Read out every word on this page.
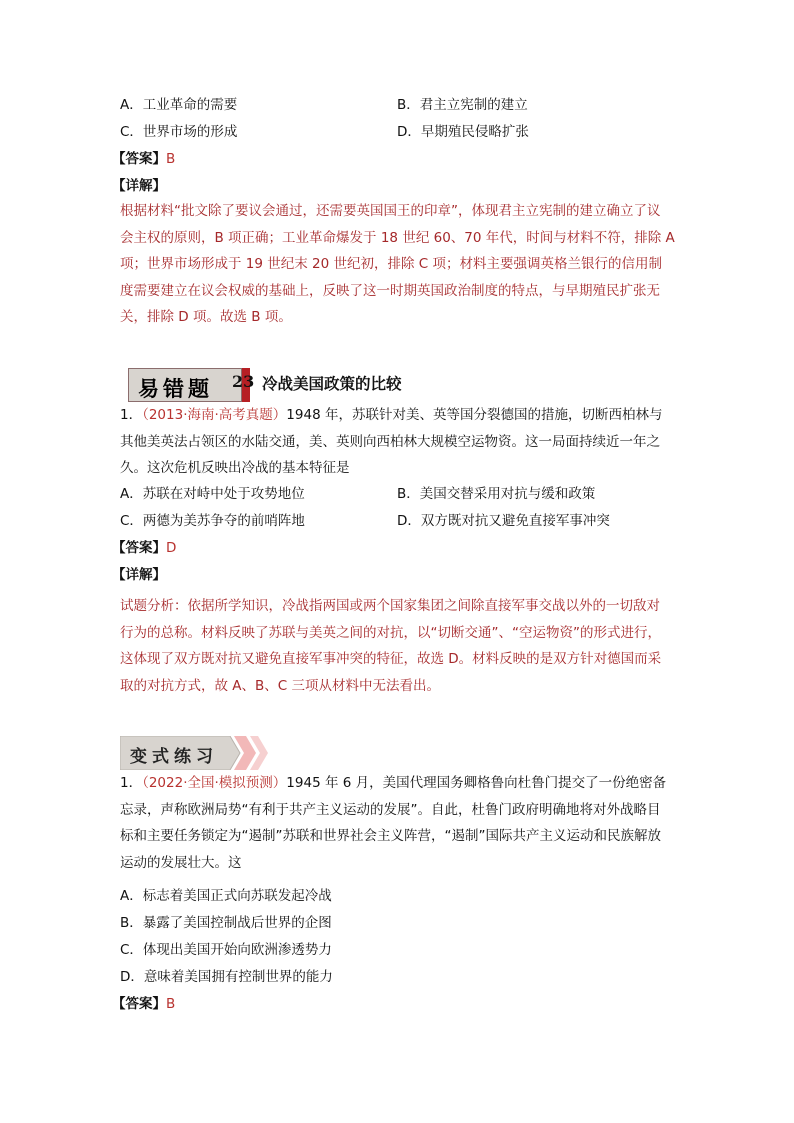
A．工业革命的需要	B．君主立宪制的建立
C．世界市场的形成	D．早期殖民侵略扩张
【答案】B
【详解】
根据材料“批文除了要议会通过，还需要英国国王的印章”，体现君主立宪制的建立确立了议
会主权的原则，B 项正确；工业革命爆发于 18 世纪 60、70 年代，时间与材料不符，排除 A
项；世界市场形成于 19 世纪末 20 世纪初，排除 C 项；材料主要强调英格兰银行的信用制
度需要建立在议会权威的基础上，反映了这一时期英国政治制度的特点，与早期殖民扩张无
关，排除 D 项。故选 B 项。
易错题 23 冷战美国政策的比较
1．（2013·海南·高考真题）1948 年，苏联针对美、英等国分裂德国的措施，切断西柏林与
其他美英法占领区的水陆交通，美、英则向西柏林大规模空运物资。这一局面持续近一年之
久。这次危机反映出冷战的基本特征是
A．苏联在对峙中处于攻势地位	B．美国交替采用对抗与缓和政策
C．两德为美苏争夺的前哨阵地	D．双方既对抗又避免直接军事冲突
【答案】D
【详解】
试题分析：依据所学知识，冷战指两国或两个国家集团之间除直接军事交战以外的一切敌对
行为的总称。材料反映了苏联与美英之间的对抗，以“切断交通”、“空运物资”的形式进行，
这体现了双方既对抗又避免直接军事冲突的特征，故选 D。材料反映的是双方针对德国而采
取的对抗方式，故 A、B、C 三项从材料中无法看出。
变式练习
1．（2022·全国·模拟预测）1945 年 6 月，美国代理国务卿格鲁向杜鲁门提交了一份绝密备
忘录，声称欧洲局势“有利于共产主义运动的发展”。自此，杜鲁门政府明确地将对外战略目
标和主要任务锁定为“遏制”苏联和世界社会主义阵营，“遏制”国际共产主义运动和民族解放
运动的发展壮大。这
A．标志着美国正式向苏联发起冷战
B．暴露了美国控制战后世界的企图
C．体现出美国开始向欧洲渗透势力
D．意味着美国拥有控制世界的能力
【答案】B
